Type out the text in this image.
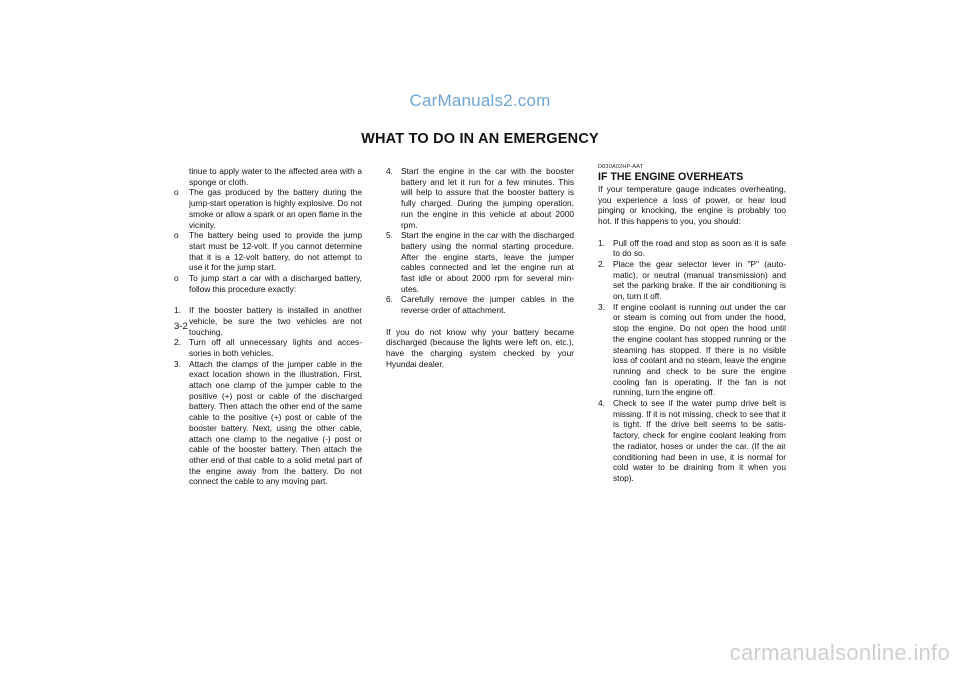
CarManuals2.com
WHAT TO DO IN AN EMERGENCY
tinue to apply water to the affected area with a sponge or cloth.
o The gas produced by the battery during the jump-start operation is highly explosive. Do not smoke or allow a spark or an open flame in the vicinity.
o The battery being used to provide the jump start must be 12-volt. If you cannot determine that it is a 12-volt battery, do not attempt to use it for the jump start.
o To jump start a car with a discharged battery, follow this procedure exactly:
1. If the booster battery is installed in another vehicle, be sure the two vehicles are not touching.
2. Turn off all unnecessary lights and acces-sories in both vehicles.
3. Attach the clamps of the jumper cable in the exact location shown in the illustration. First, attach one clamp of the jumper cable to the positive (+) post or cable of the discharged battery. Then attach the other end of the same cable to the positive (+) post or cable of the booster battery. Next, using the other cable, attach one clamp to the negative (-) post or cable of the booster battery. Then attach the other end of that cable to a solid metal part of the engine away from the battery. Do not connect the cable to any moving part.
4. Start the engine in the car with the booster battery and let it run for a few minutes. This will help to assure that the booster battery is fully charged. During the jumping operation, run the engine in this vehicle at about 2000 rpm.
5. Start the engine in the car with the discharged battery using the normal starting procedure. After the engine starts, leave the jumper cables connected and let the engine run at fast idle or about 2000 rpm for several min-utes.
6. Carefully remove the jumper cables in the reverse order of attachment.

If you do not know why your battery became discharged (because the lights were left on, etc.), have the charging system checked by your Hyundai dealer.

D030A02HP-AAT
IF THE ENGINE OVERHEATS

If your temperature gauge indicates overheating, you experience a loss of power, or hear loud pinging or knocking, the engine is probably too hot. If this happens to you, you should:

1. Pull off the road and stop as soon as it is safe to do so.
2. Place the gear selector lever in "P" (auto-matic), or neutral (manual transmission) and set the parking brake. If the air conditioning is on, turn it off.
3. If engine coolant is running out under the car or steam is coming out from under the hood, stop the engine. Do not open the hood until the engine coolant has stopped running or the steaming has stopped. If there is no visible loss of coolant and no steam, leave the engine running and check to be sure the engine cooling fan is operating. If the fan is not running, turn the engine off.
4. Check to see if the water pump drive belt is missing. If it is not missing, check to see that it is tight. If the drive belt seems to be satis-factory, check for engine coolant leaking from the radiator, hoses or under the car. (If the air conditioning had been in use, it is normal for cold water to be draining from it when you stop).
3-2
carmanualsonline.info
